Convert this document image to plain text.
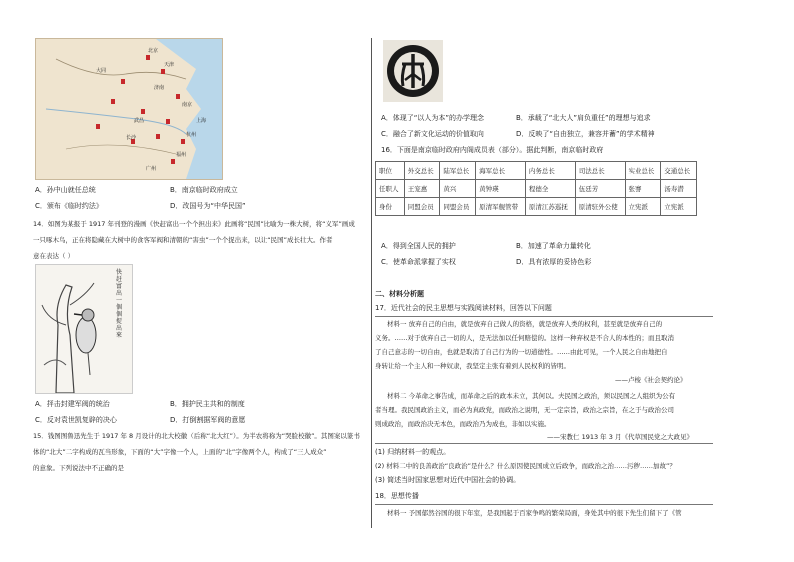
大同
北京
天津
济南
南京
上海
杭州
武昌
长沙
福州
广州
A．孙中山就任总统	B．南京临时政府成立
C．颁布《临时约法》	D．改国号为“中华民国”
14．如图为某报于 1917 年刊登的漫画《快赶富出一个个担出来》此画将“民国”比喻为一株大树，将“义军”画成
一只啄木鸟，正在将隐藏在大树中的食客军阀和清朝的“害虫”一个个捉出来，以让“民国”成长壮大。作者
意在表达（ ）
快
赶
富
出
一
個
個
捉
出
來
A．抨击封建军阀的统治	B．拥护民主共和的制度
C．反对袁世凯复辟的决心	D．打倒割据军阀的意愿
15．钱图图鲁迅先生于 1917 年 8 月设计的北大校徽（后称“北大红”）。为半农将称为“哭脸校徽”。其图案以篆书
体的“北大”二字构成的瓦当形象，下面的“大”字像一个人，上面的“北”字像两个人，构成了“三人成众”
的意象。下列说法中不正确的是
A．体现了“以人为本”的办学理念	B．承载了“北大人”肩负重任”的理想与追求
C．融合了新文化运动的价值取向	D．反映了“自由独立，兼容并蓄”的学术精神
16．下面是南京临时政府内阁成员表（部分）。据此判断，南京临时政府
职位	外交总长	陆军总长	海军总长	内务总长	司法总长	实业总长	交通总长
任职人	王宠惠	黄兴	黄钟瑛	程德全	伍廷芳	张謇	汤寿潜
身份	同盟会员	同盟会员	原清军舰管带	原清江苏巡抚	原清驻外公使	立宪派	立宪派
A．得到全国人民的拥护	B．加速了革命力量转化
C．使革命派掌握了实权	D．具有浓厚的妥协色彩
二、材料分析题
17．近代社会的民主思想与实践阅读材料，回答以下问题
材料一 放弃自己的自由，就是放弃自己做人的资格，就是放弃人类的权利，甚至就是放弃自己的
义务。……对于放弃自己一切的人，是无法加以任何赔偿的。这样一种弃权是不合人的本性的；而且取消
了自己意志的一切自由，也就是取消了自己行为的一切道德性。……由此可见，一个人民之自由地把自
身转让给一个主人和一种奴隶，我坚定主张有着到人民权利的皆明。
——卢梭《社会契约论》
材料二 今革命之事告成，而革命之后的政本未立，其何以。夫民国之政治，须以民国之人组织为公有
者当理。我民国政治主义，而必为真政党，而政治之说明，无一定宗旨，政治之宗旨，在之于与政治公司
则成政治，而政治决无本色，而政治乃为成也，非如以实施。
——宋教仁 1913 年 3 月《代草国民党之大政见》
(1) 归纳材料一的观点。
(2) 材料二中的良善政治“良政治”是什么？什么原因使民国成立后政争，而政治之治……污秽……加故”？
(3) 简述当时国家思想对近代中国社会的协调。
18．思想传播
材料一 予国郁然谷国的很下年室，是我国起于百家争鸣的繁荣局面，身处其中的很下先生们留下了《管
